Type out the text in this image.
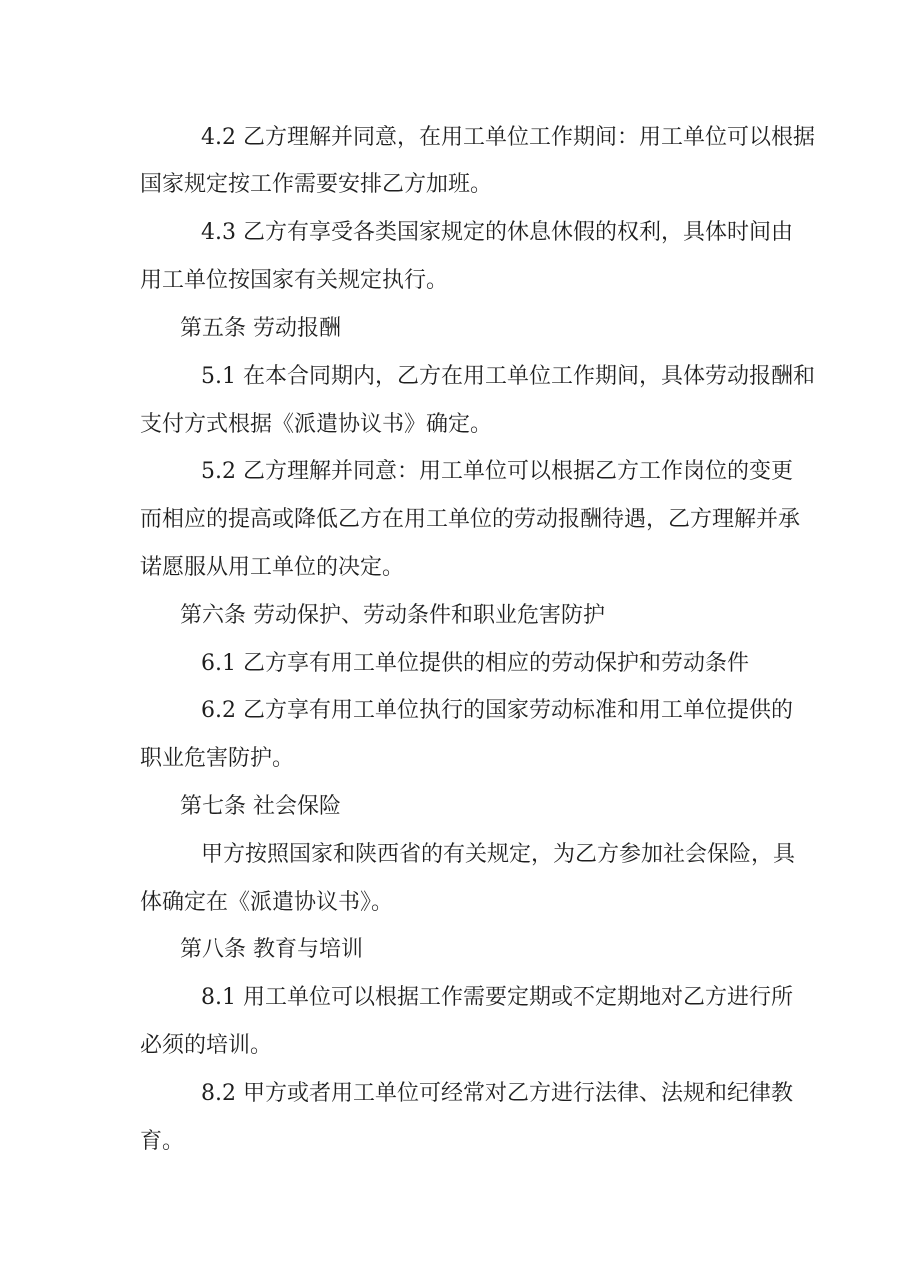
4.2 乙方理解并同意，在用工单位工作期间：用工单位可以根据
国家规定按工作需要安排乙方加班。
4.3 乙方有享受各类国家规定的休息休假的权利，具体时间由
用工单位按国家有关规定执行。
第五条 劳动报酬
5.1 在本合同期内，乙方在用工单位工作期间，具体劳动报酬和
支付方式根据《派遣协议书》确定。
5.2 乙方理解并同意：用工单位可以根据乙方工作岗位的变更
而相应的提高或降低乙方在用工单位的劳动报酬待遇，乙方理解并承
诺愿服从用工单位的决定。
第六条 劳动保护、劳动条件和职业危害防护
6.1 乙方享有用工单位提供的相应的劳动保护和劳动条件
6.2 乙方享有用工单位执行的国家劳动标准和用工单位提供的
职业危害防护。
第七条 社会保险
甲方按照国家和陕西省的有关规定，为乙方参加社会保险，具
体确定在《派遣协议书》。
第八条 教育与培训
8.1 用工单位可以根据工作需要定期或不定期地对乙方进行所
必须的培训。
8.2 甲方或者用工单位可经常对乙方进行法律、法规和纪律教
育。
